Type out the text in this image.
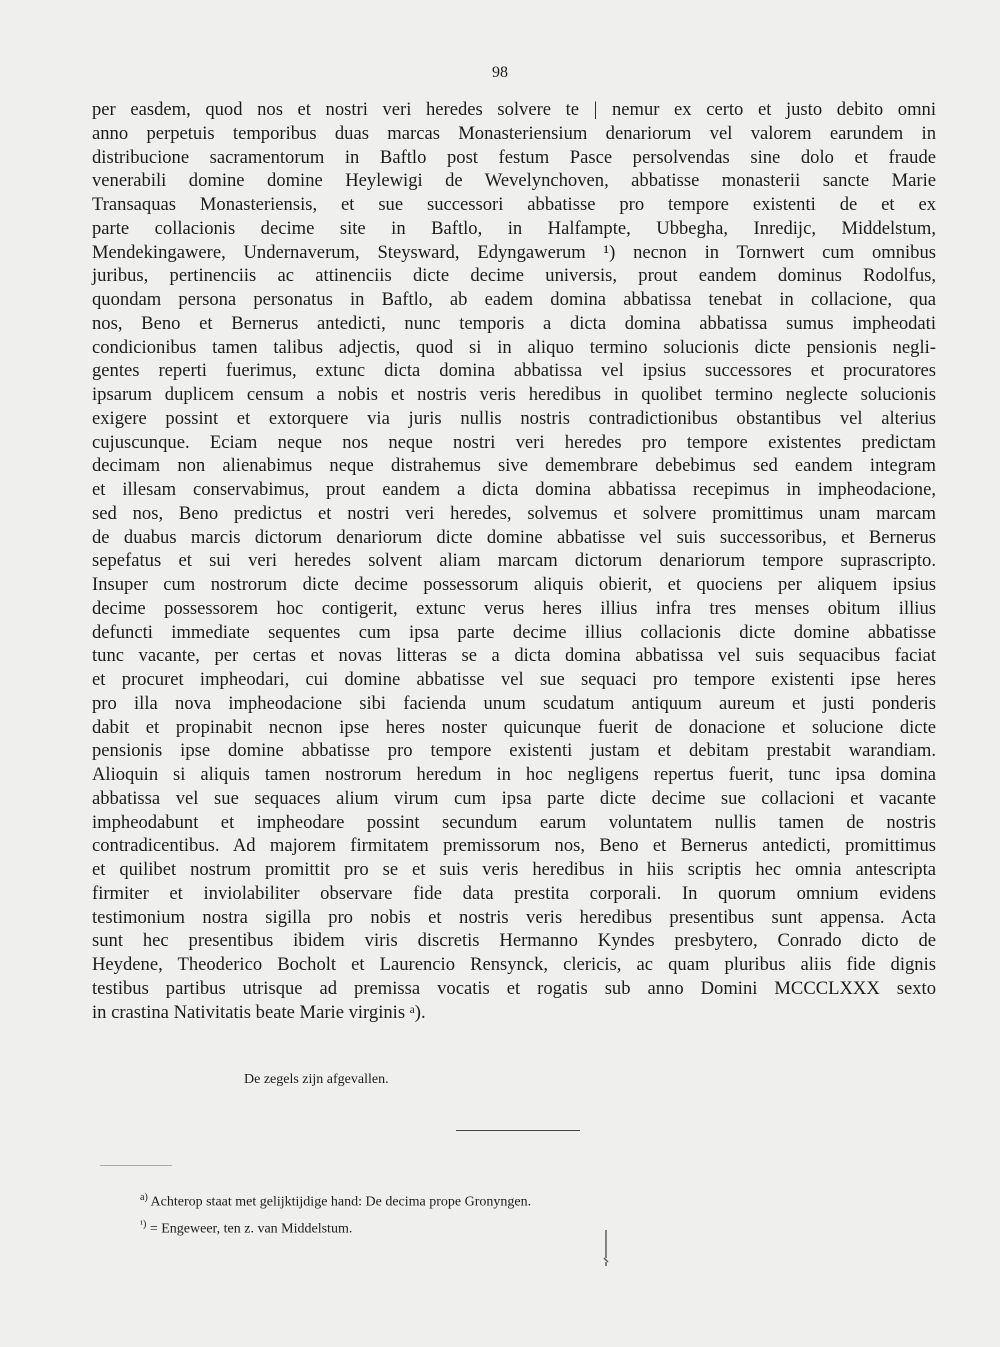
98
per easdem, quod nos et nostri veri heredes solvere te | nemur ex certo et justo debito omni
anno perpetuis temporibus duas marcas Monasteriensium denariorum vel valorem earundem in
distribucione sacramentorum in Baftlo post festum Pasce persolvendas sine dolo et fraude
venerabili domine domine Heylewigi de Wevelynchoven, abbatisse monasterii sancte Marie
Transaquas Monasteriensis, et sue successori abbatisse pro tempore existenti de et ex
parte collacionis decime site in Baftlo, in Halfampte, Ubbegha, Inredijc, Middelstum,
Mendekingawere, Undernaverum, Steysward, Edyngawerum ¹) necnon in Tornwert cum omnibus
juribus, pertinenciis ac attinenciis dicte decime universis, prout eandem dominus Rodolfus,
quondam persona personatus in Baftlo, ab eadem domina abbatissa tenebat in collacione, qua
nos, Beno et Bernerus antedicti, nunc temporis a dicta domina abbatissa sumus impheodati
condicionibus tamen talibus adjectis, quod si in aliquo termino solucionis dicte pensionis negli-
gentes reperti fuerimus, extunc dicta domina abbatissa vel ipsius successores et procuratores
ipsarum duplicem censum a nobis et nostris veris heredibus in quolibet termino neglecte solucionis
exigere possint et extorquere via juris nullis nostris contradictionibus obstantibus vel alterius
cujuscunque. Eciam neque nos neque nostri veri heredes pro tempore existentes predictam
decimam non alienabimus neque distrahemus sive demembrare debebimus sed eandem integram
et illesam conservabimus, prout eandem a dicta domina abbatissa recepimus in impheodacione,
sed nos, Beno predictus et nostri veri heredes, solvemus et solvere promittimus unam marcam
de duabus marcis dictorum denariorum dicte domine abbatisse vel suis successoribus, et Bernerus
sepefatus et sui veri heredes solvent aliam marcam dictorum denariorum tempore suprascripto.
Insuper cum nostrorum dicte decime possessorum aliquis obierit, et quociens per aliquem ipsius
decime possessorem hoc contigerit, extunc verus heres illius infra tres menses obitum illius
defuncti immediate sequentes cum ipsa parte decime illius collacionis dicte domine abbatisse
tunc vacante, per certas et novas litteras se a dicta domina abbatissa vel suis sequacibus faciat
et procuret impheodari, cui domine abbatisse vel sue sequaci pro tempore existenti ipse heres
pro illa nova impheodacione sibi facienda unum scudatum antiquum aureum et justi ponderis
dabit et propinabit necnon ipse heres noster quicunque fuerit de donacione et solucione dicte
pensionis ipse domine abbatisse pro tempore existenti justam et debitam prestabit warandiam.
Alioquin si aliquis tamen nostrorum heredum in hoc negligens repertus fuerit, tunc ipsa domina
abbatissa vel sue sequaces alium virum cum ipsa parte dicte decime sue collacioni et vacante
impheodabunt et impheodare possint secundum earum voluntatem nullis tamen de nostris
contradicentibus. Ad majorem firmitatem premissorum nos, Beno et Bernerus antedicti, promittimus
et quilibet nostrum promittit pro se et suis veris heredibus in hiis scriptis hec omnia antescripta
firmiter et inviolabiliter observare fide data prestita corporali. In quorum omnium evidens
testimonium nostra sigilla pro nobis et nostris veris heredibus presentibus sunt appensa. Acta
sunt hec presentibus ibidem viris discretis Hermanno Kyndes presbytero, Conrado dicto de
Heydene, Theoderico Bocholt et Laurencio Rensynck, clericis, ac quam pluribus aliis fide dignis
testibus partibus utrisque ad premissa vocatis et rogatis sub anno Domini MCCCLXXX sexto
in crastina Nativitatis beate Marie virginis ᵃ).
De zegels zijn afgevallen.
$^{a)}$ Achterop staat met gelijktijdige hand: De decima prope Gronyngen.
$^{^1)}$ = Engeweer, ten z. van Middelstum.
